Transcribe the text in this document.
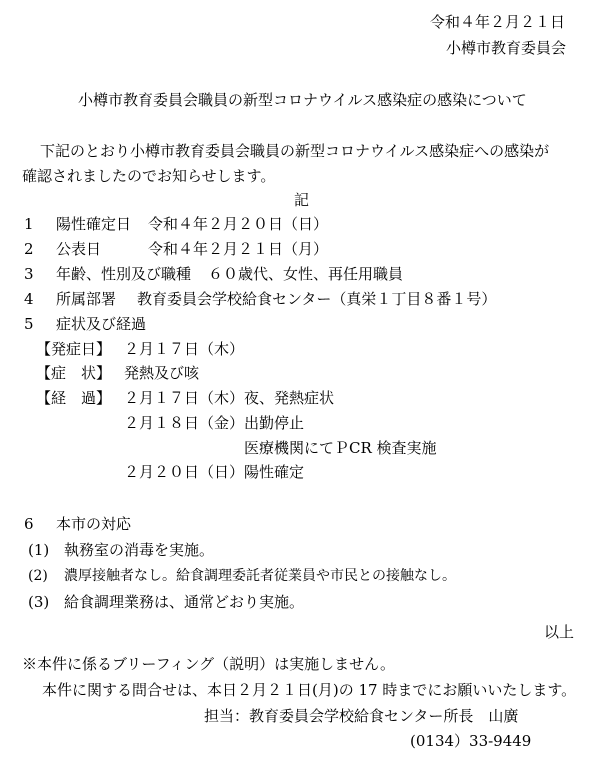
令和４年２月２１日
小樽市教育委員会
小樽市教育委員会職員の新型コロナウイルス感染症の感染について
下記のとおり小樽市教育委員会職員の新型コロナウイルス感染症への感染が
確認されましたのでお知らせします。
記
1 陽性確定日 令和４年２月２０日（日）
2 公表日	令和４年２月２１日（月）
3 年齢、性別及び職種 ６０歳代、女性、再任用職員
4 所属部署 教育委員会学校給食センター（真栄１丁目８番１号）
5 症状及び経過
【発症日】 ２月１７日（木）
【症　状】 発熱及び咳
【経　過】 ２月１７日（木） 夜、発熱症状
２月１８日（金） 出勤停止
医療機関にてＰCR 検査実施
２月２０日（日） 陽性確定
6 本市の対応
(1) 執務室の消毒を実施。
(2) 濃厚接触者なし。給食調理委託者従業員や市民との接触なし。
(3) 給食調理業務は、通常どおり実施。
以上
※本件に係るブリーフィング（説明）は実施しません。
本件に関する問合せは、本日２月２１日(月)の 17 時までにお願いいたします。
担当：教育委員会学校給食センター所長　山廣
(0134）33-9449
